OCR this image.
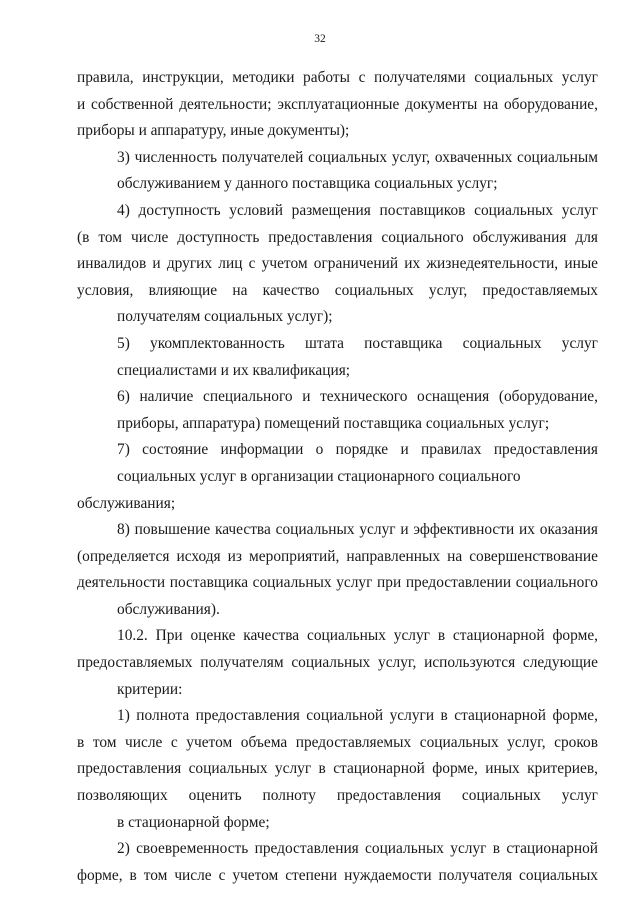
32

правила, инструкции, методики работы с получателями социальных услуг
и собственной деятельности; эксплуатационные документы на оборудование,
приборы и аппаратуру, иные документы);

3) численность получателей социальных услуг, охваченных социальным
обслуживанием у данного поставщика социальных услуг;

4) доступность условий размещения поставщиков социальных услуг
(в том числе доступность предоставления социального обслуживания для
инвалидов и других лиц с учетом ограничений их жизнедеятельности, иные
условия, влияющие на качество социальных услуг, предоставляемых
получателям социальных услуг);

5) укомплектованность штата поставщика социальных услуг
специалистами и их квалификация;

6) наличие специального и технического оснащения (оборудование,
приборы, аппаратура) помещений поставщика социальных услуг;

7) состояние информации о порядке и правилах предоставления
социальных услуг в организации стационарного социального обслуживания;

8) повышение качества социальных услуг и эффективности их оказания
(определяется исходя из мероприятий, направленных на совершенствование
деятельности поставщика социальных услуг при предоставлении социального
обслуживания).

10.2. При оценке качества социальных услуг в стационарной форме,
предоставляемых получателям социальных услуг, используются следующие
критерии:

1) полнота предоставления социальной услуги в стационарной форме,
в том числе с учетом объема предоставляемых социальных услуг, сроков
предоставления социальных услуг в стационарной форме, иных критериев,
позволяющих оценить полноту предоставления социальных услуг
в стационарной форме;

2) своевременность предоставления социальных услуг в стационарной
форме, в том числе с учетом степени нуждаемости получателя социальных
